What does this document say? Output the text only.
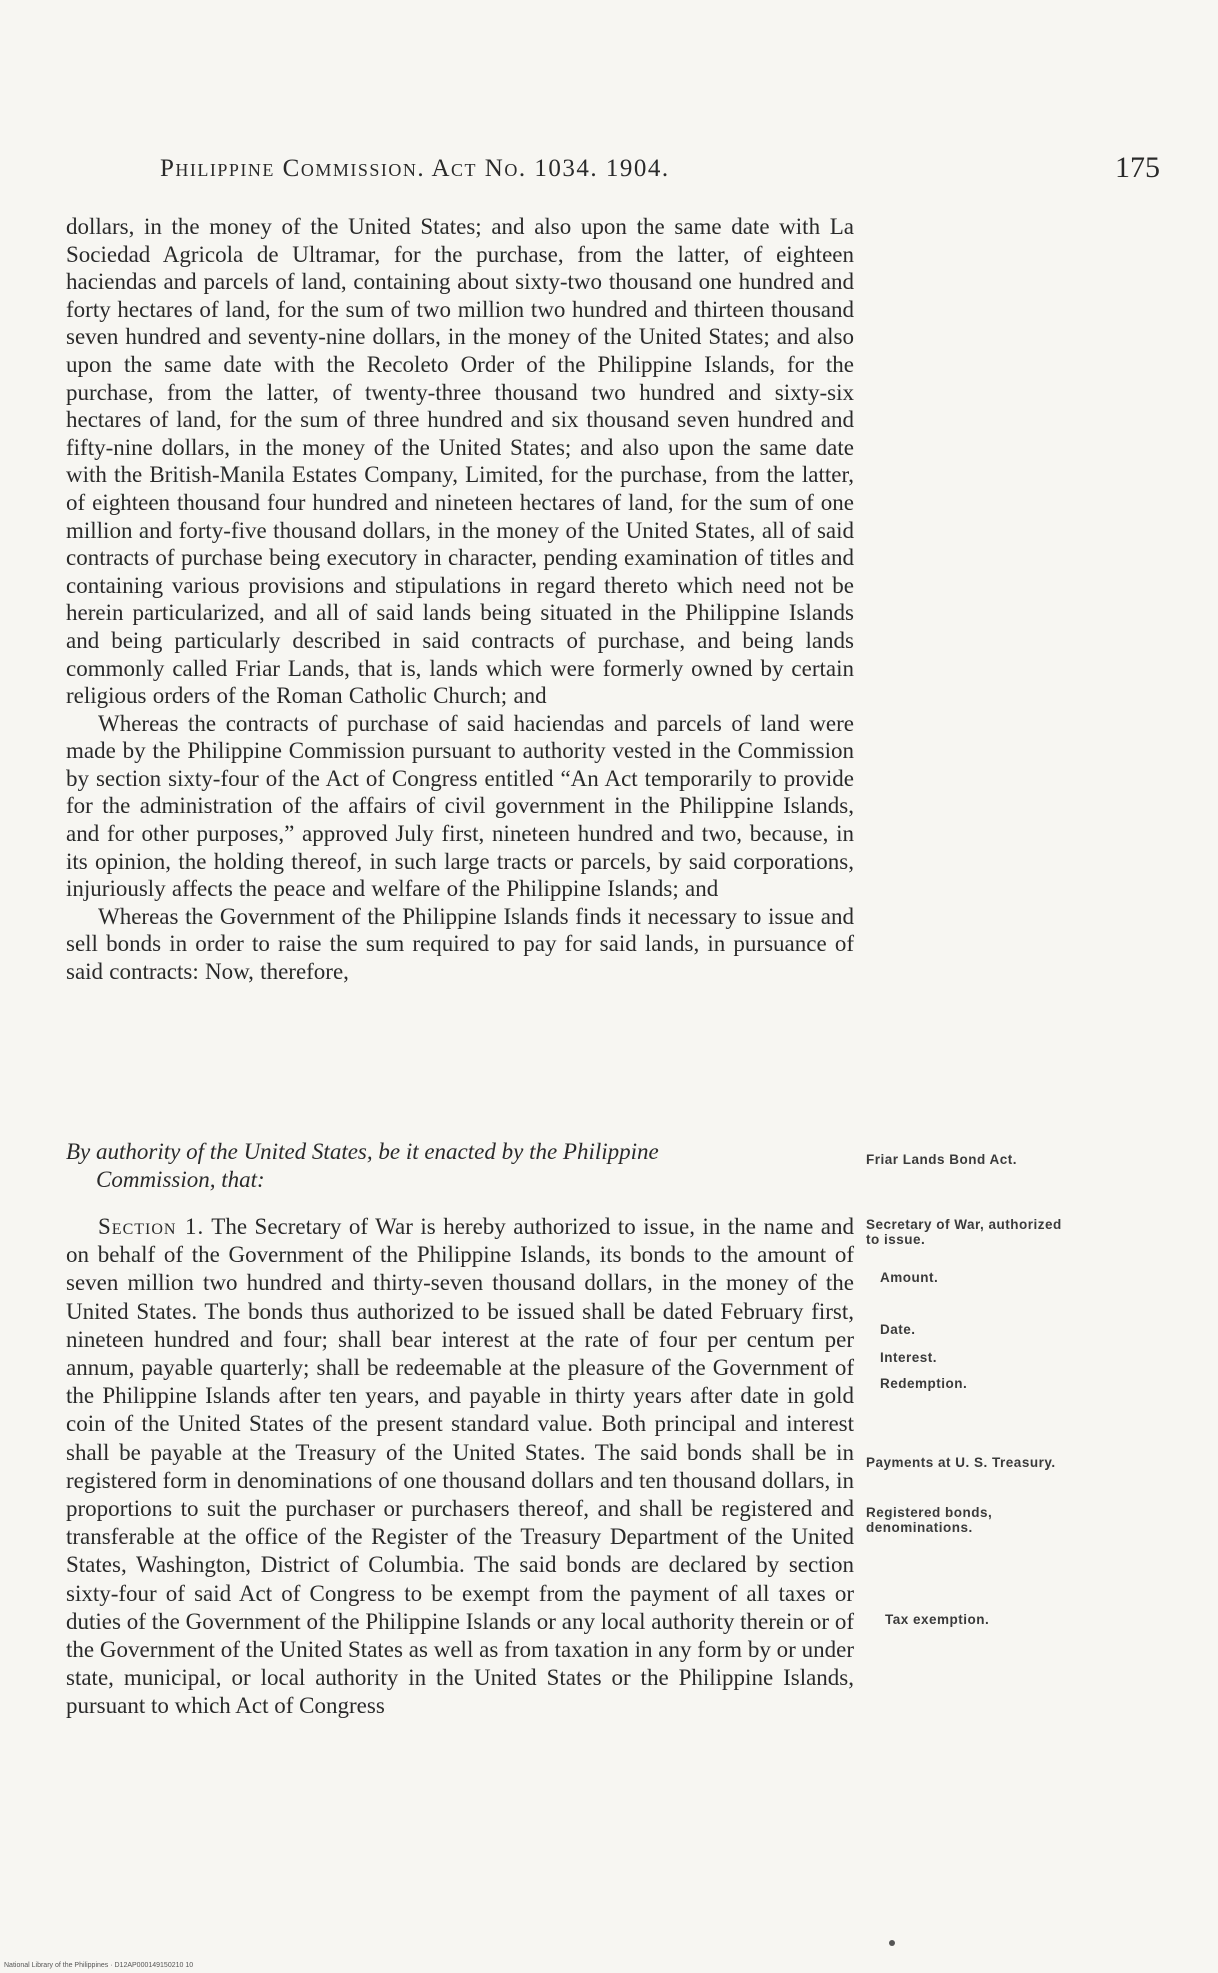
Philippine Commission. Act No. 1034. 1904.	175

dollars, in the money of the United States; and also upon the same date with La Sociedad Agricola de Ultramar, for the purchase, from the latter, of eighteen haciendas and parcels of land, containing about sixty-two thousand one hundred and forty hectares of land, for the sum of two million two hundred and thirteen thousand seven hundred and seventy-nine dollars, in the money of the United States; and also upon the same date with the Recoleto Order of the Philippine Islands, for the purchase, from the latter, of twenty-three thousand two hundred and sixty-six hectares of land, for the sum of three hundred and six thousand seven hundred and fifty-nine dollars, in the money of the United States; and also upon the same date with the British-Manila Estates Company, Limited, for the purchase, from the latter, of eighteen thousand four hundred and nineteen hectares of land, for the sum of one million and forty-five thousand dollars, in the money of the United States, all of said contracts of purchase being executory in character, pending examination of titles and containing various provisions and stipulations in regard thereto which need not be herein particularized, and all of said lands being situated in the Philippine Islands and being particularly described in said contracts of purchase, and being lands commonly called Friar Lands, that is, lands which were formerly owned by certain religious orders of the Roman Catholic Church; and

Whereas the contracts of purchase of said haciendas and parcels of land were made by the Philippine Commission pursuant to authority vested in the Commission by section sixty-four of the Act of Congress entitled “An Act temporarily to provide for the administration of the affairs of civil government in the Philippine Islands, and for other purposes,” approved July first, nineteen hundred and two, because, in its opinion, the holding thereof, in such large tracts or parcels, by said corporations, injuriously affects the peace and welfare of the Philippine Islands; and

Whereas the Government of the Philippine Islands finds it necessary to issue and sell bonds in order to raise the sum required to pay for said lands, in pursuance of said contracts: Now, therefore,

By authority of the United States, be it enacted by the Philippine
Commission, that:
Section 1. The Secretary of War is hereby authorized to issue, in the name and on behalf of the Government of the Philippine Islands, its bonds to the amount of seven million two hundred and thirty-seven thousand dollars, in the money of the United States. The bonds thus authorized to be issued shall be dated February first, nineteen hundred and four; shall bear interest at the rate of four per centum per annum, payable quarterly; shall be redeemable at the pleasure of the Government of the Philippine Islands after ten years, and payable in thirty years after date in gold coin of the United States of the present standard value. Both principal and interest shall be payable at the Treasury of the United States. The said bonds shall be in registered form in denominations of one thousand dollars and ten thousand dollars, in proportions to suit the purchaser or purchasers thereof, and shall be registered and transferable at the office of the Register of the Treasury Department of the United States, Washington, District of Columbia. The said bonds are declared by section sixty-four of said Act of Congress to be exempt from the payment of all taxes or duties of the Government of the Philippine Islands or any local authority therein or of the Government of the United States as well as from taxation in any form by or under state, municipal, or local authority in the United States or the Philippine Islands, pursuant to which Act of Congress
Friar Lands Bond Act.
Secretary of War, authorized to issue.
Amount.
Date.
Interest.
Redemption.
Payments at U. S. Treasury.
Registered bonds, denominations.
Tax exemption.
National Library of the Philippines · D12AP000149150210 10
